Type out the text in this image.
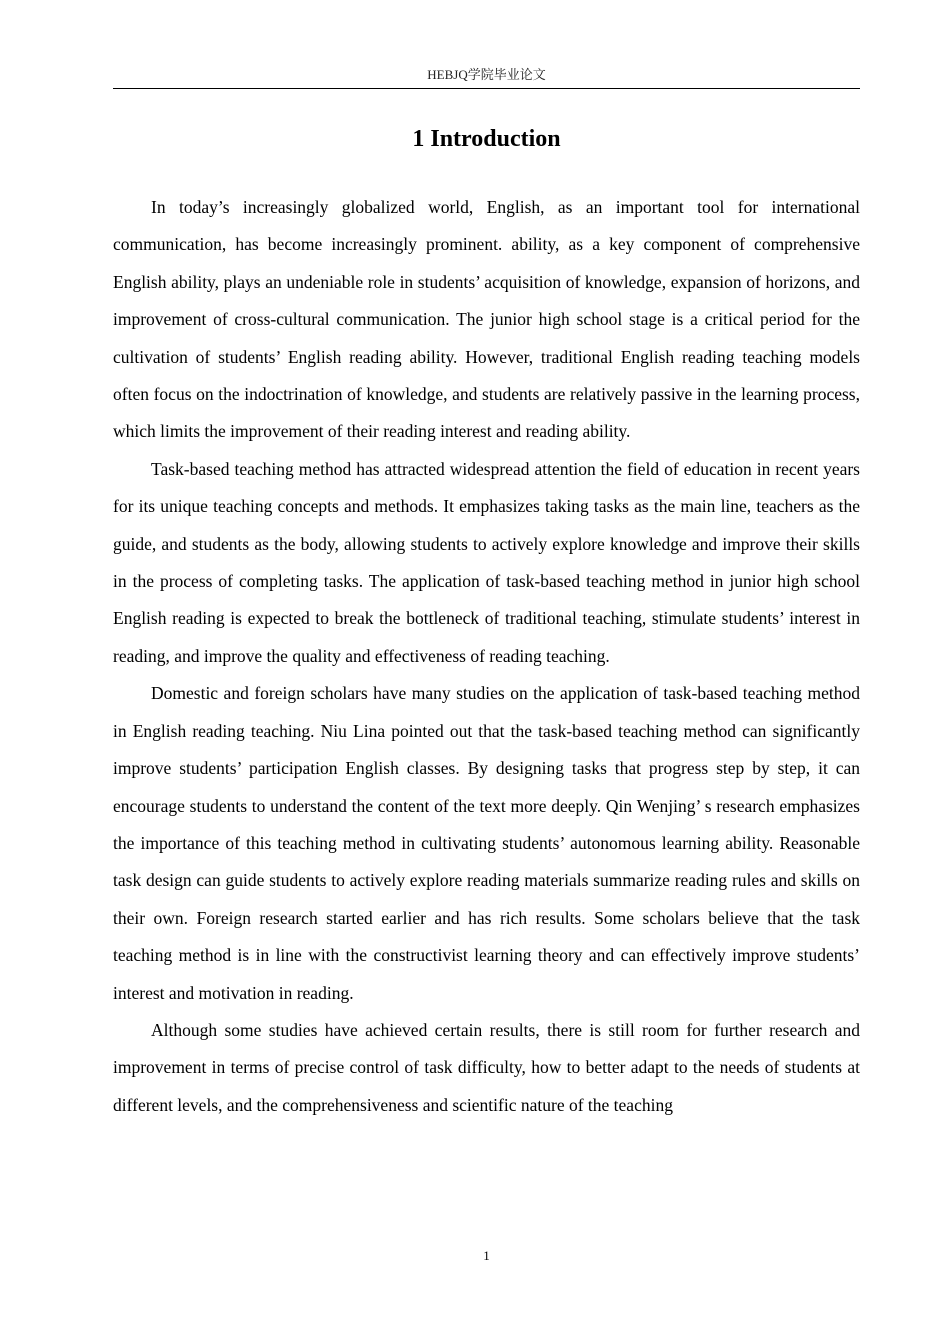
HEBJQ学院毕业论文
1 Introduction

In today’s increasingly globalized world, English, as an important tool for international communication, has become increasingly prominent. ability, as a key component of comprehensive English ability, plays an undeniable role in students’ acquisition of knowledge, expansion of horizons, and improvement of cross-cultural communication. The junior high school stage is a critical period for the cultivation of students’ English reading ability. However, traditional English reading teaching models often focus on the indoctrination of knowledge, and students are relatively passive in the learning process, which limits the improvement of their reading interest and reading ability.

Task-based teaching method has attracted widespread attention the field of education in recent years for its unique teaching concepts and methods. It emphasizes taking tasks as the main line, teachers as the guide, and students as the body, allowing students to actively explore knowledge and improve their skills in the process of completing tasks. The application of task-based teaching method in junior high school English reading is expected to break the bottleneck of traditional teaching, stimulate students’ interest in reading, and improve the quality and effectiveness of reading teaching.

Domestic and foreign scholars have many studies on the application of task-based teaching method in English reading teaching. Niu Lina pointed out that the task-based teaching method can significantly improve students’ participation English classes. By designing tasks that progress step by step, it can encourage students to understand the content of the text more deeply. Qin Wenjing’ s research emphasizes the importance of this teaching method in cultivating students’ autonomous learning ability. Reasonable task design can guide students to actively explore reading materials summarize reading rules and skills on their own. Foreign research started earlier and has rich results. Some scholars believe that the task teaching method is in line with the constructivist learning theory and can effectively improve students’ interest and motivation in reading.

Although some studies have achieved certain results, there is still room for further research and improvement in terms of precise control of task difficulty, how to better adapt to the needs of students at different levels, and the comprehensiveness and scientific nature of the teaching

1
